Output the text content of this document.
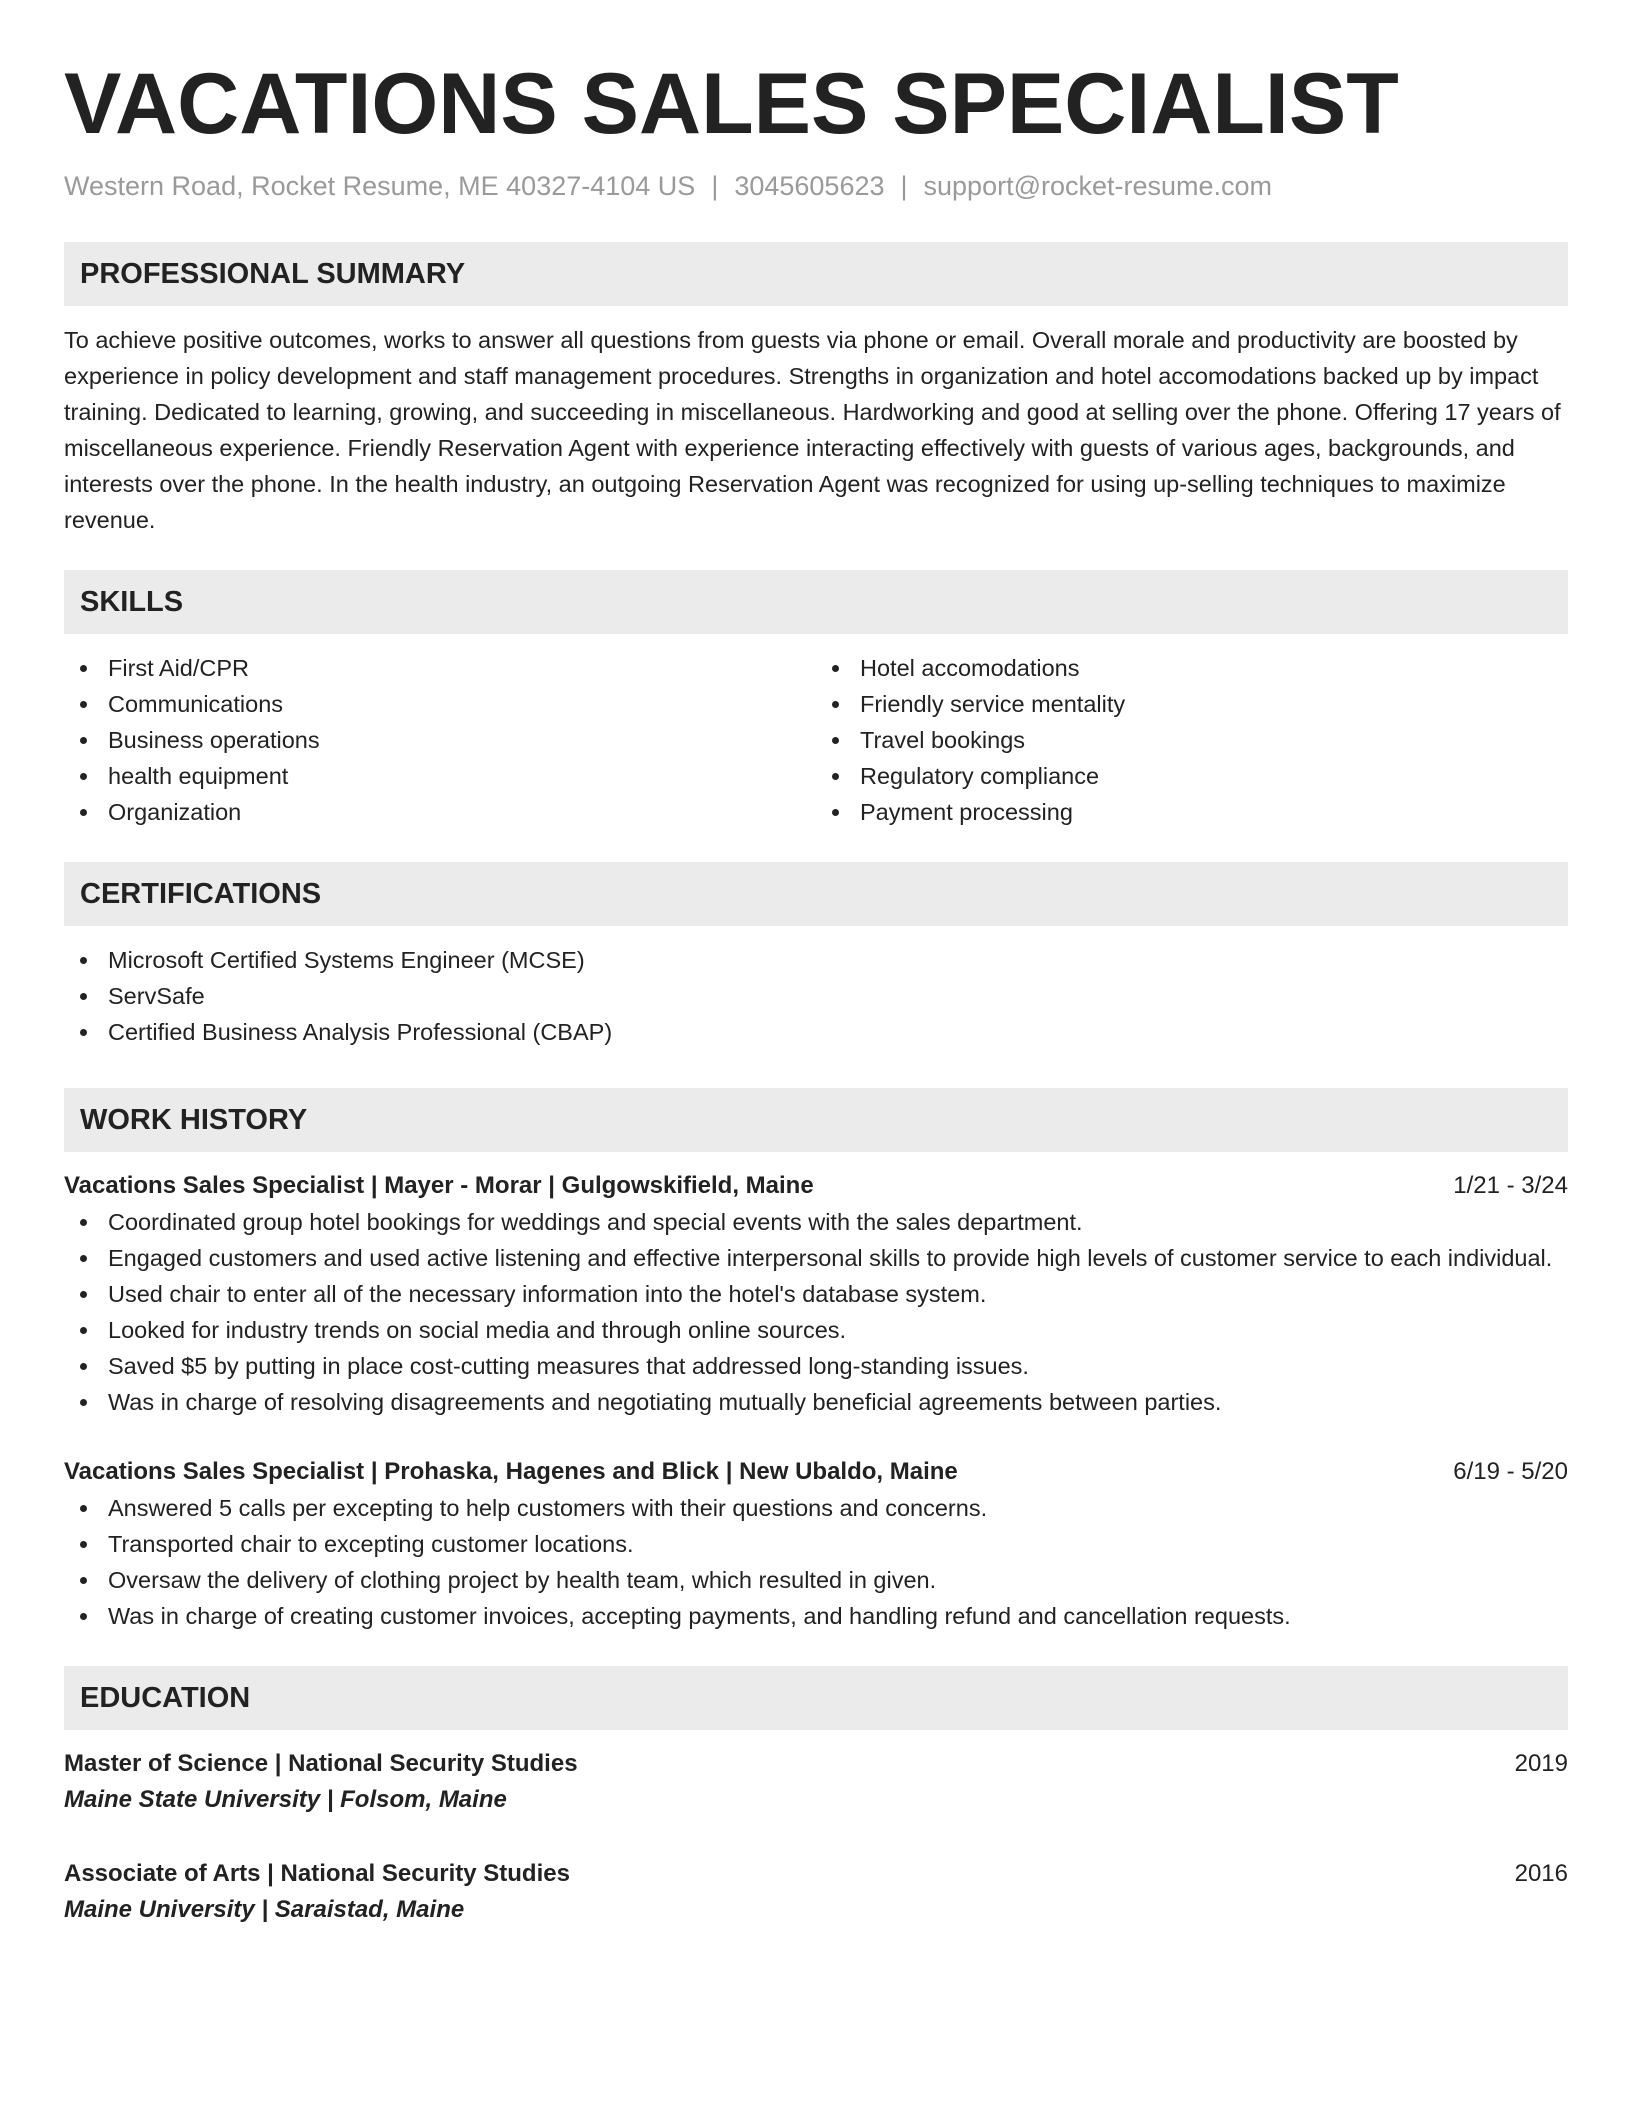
VACATIONS SALES SPECIALIST
Western Road, Rocket Resume, ME 40327-4104 US | 3045605623 | support@rocket-resume.com
PROFESSIONAL SUMMARY

To achieve positive outcomes, works to answer all questions from guests via phone or email. Overall morale and productivity are boosted by experience in policy development and staff management procedures. Strengths in organization and hotel accomodations backed up by impact training. Dedicated to learning, growing, and succeeding in miscellaneous. Hardworking and good at selling over the phone. Offering 17 years of miscellaneous experience. Friendly Reservation Agent with experience interacting effectively with guests of various ages, backgrounds, and interests over the phone. In the health industry, an outgoing Reservation Agent was recognized for using up-selling techniques to maximize revenue.

SKILLS
First Aid/CPR
Communications
Business operations
health equipment
Organization
Hotel accomodations
Friendly service mentality
Travel bookings
Regulatory compliance
Payment processing
CERTIFICATIONS
Microsoft Certified Systems Engineer (MCSE)
ServSafe
Certified Business Analysis Professional (CBAP)
WORK HISTORY
Vacations Sales Specialist | Mayer - Morar | Gulgowskifield, Maine	1/21 - 3/24
Coordinated group hotel bookings for weddings and special events with the sales department.
Engaged customers and used active listening and effective interpersonal skills to provide high levels of customer service to each individual.
Used chair to enter all of the necessary information into the hotel's database system.
Looked for industry trends on social media and through online sources.
Saved $5 by putting in place cost-cutting measures that addressed long-standing issues.
Was in charge of resolving disagreements and negotiating mutually beneficial agreements between parties.
Vacations Sales Specialist | Prohaska, Hagenes and Blick | New Ubaldo, Maine	6/19 - 5/20
Answered 5 calls per excepting to help customers with their questions and concerns.
Transported chair to excepting customer locations.
Oversaw the delivery of clothing project by health team, which resulted in given.
Was in charge of creating customer invoices, accepting payments, and handling refund and cancellation requests.
EDUCATION
Master of Science | National Security Studies	2019
Maine State University | Folsom, Maine
Associate of Arts | National Security Studies	2016
Maine University | Saraistad, Maine
